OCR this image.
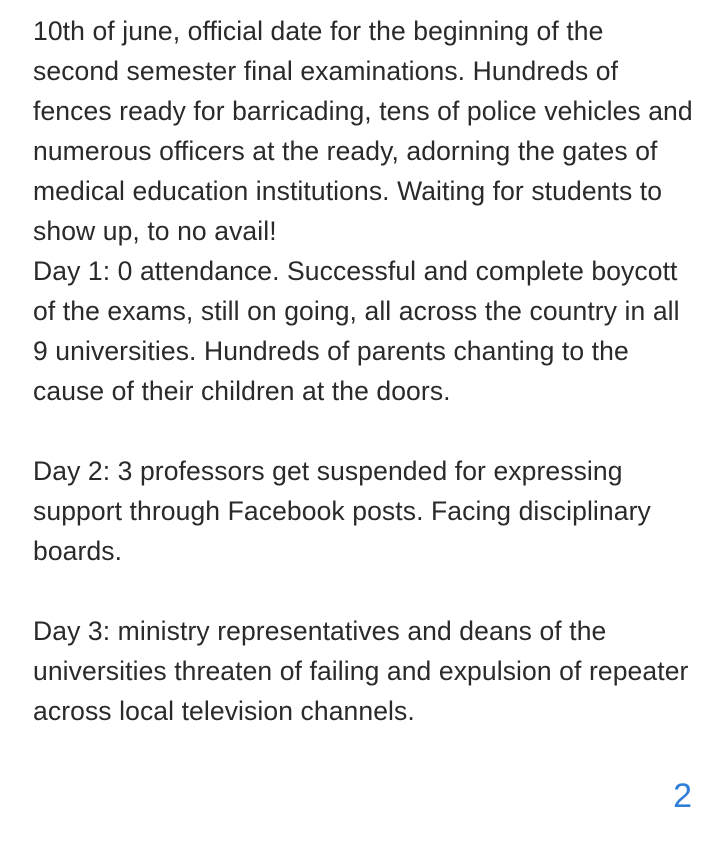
10th of june, official date for the beginning of the second semester final examinations. Hundreds of fences ready for barricading, tens of police vehicles and numerous officers at the ready, adorning the gates of medical education institutions. Waiting for students to show up, to no avail!

Day 1: 0 attendance. Successful and complete boycott of the exams, still on going, all across the country in all 9 universities. Hundreds of parents chanting to the cause of their children at the doors.

Day 2: 3 professors get suspended for expressing support through Facebook posts. Facing disciplinary boards.

Day 3: ministry representatives and deans of the universities threaten of failing and expulsion of repeater across local television channels.

2
